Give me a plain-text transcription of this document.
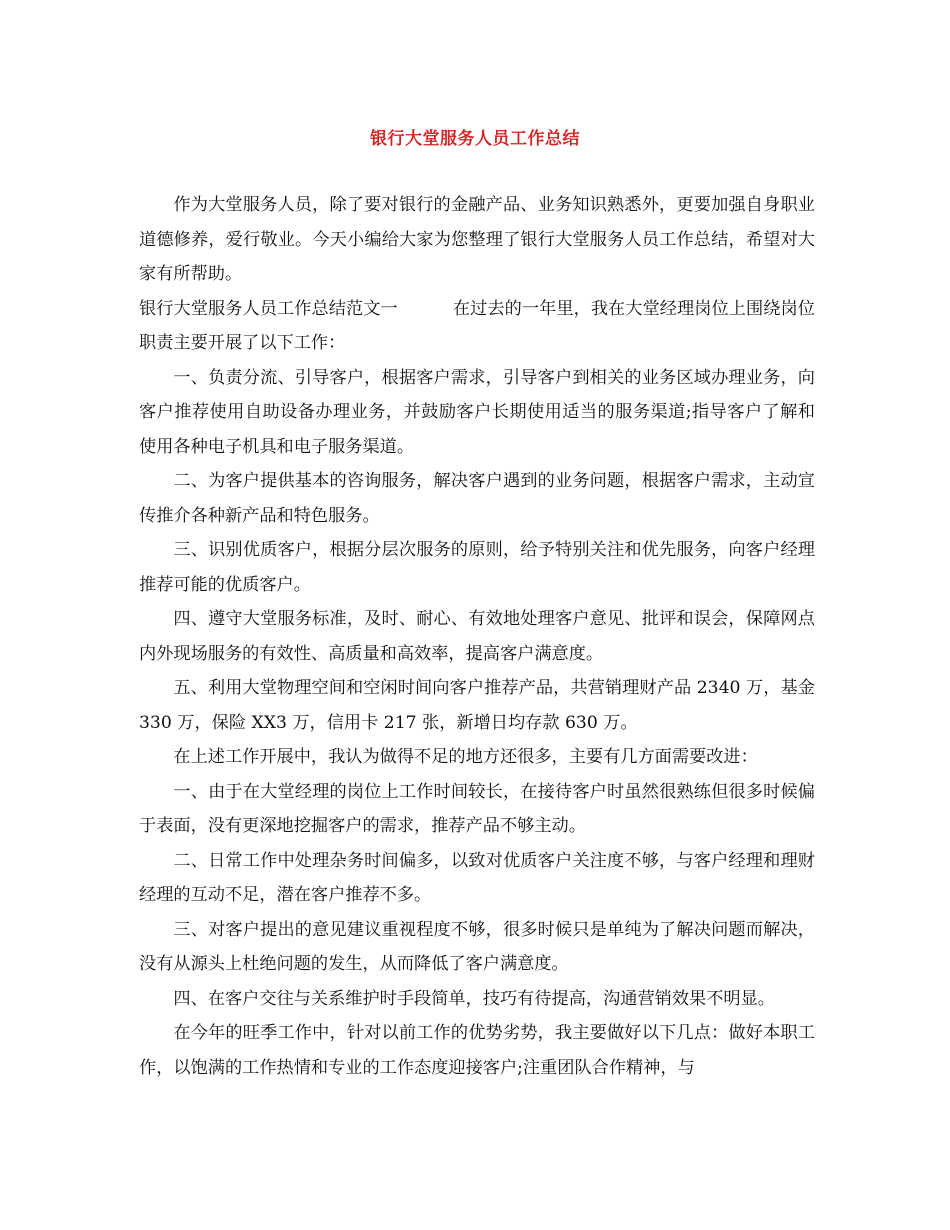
银行大堂服务人员工作总结

作为大堂服务人员，除了要对银行的金融产品、业务知识熟悉外，更要加强自身职业道德修养，爱行敬业。今天小编给大家为您整理了银行大堂服务人员工作总结，希望对大家有所帮助。

银行大堂服务人员工作总结范文一	在过去的一年里，我在大堂经理岗位上围绕岗位职责主要开展了以下工作：

一、负责分流、引导客户，根据客户需求，引导客户到相关的业务区域办理业务，向客户推荐使用自助设备办理业务，并鼓励客户长期使用适当的服务渠道;指导客户了解和使用各种电子机具和电子服务渠道。

二、为客户提供基本的咨询服务，解决客户遇到的业务问题，根据客户需求，主动宣传推介各种新产品和特色服务。

三、识别优质客户，根据分层次服务的原则，给予特别关注和优先服务，向客户经理推荐可能的优质客户。

四、遵守大堂服务标准，及时、耐心、有效地处理客户意见、批评和误会，保障网点内外现场服务的有效性、高质量和高效率，提高客户满意度。

五、利用大堂物理空间和空闲时间向客户推荐产品，共营销理财产品 2340 万，基金 330 万，保险 XX3 万，信用卡 217 张，新增日均存款 630 万。

在上述工作开展中，我认为做得不足的地方还很多，主要有几方面需要改进：

一、由于在大堂经理的岗位上工作时间较长，在接待客户时虽然很熟练但很多时候偏于表面，没有更深地挖掘客户的需求，推荐产品不够主动。

二、日常工作中处理杂务时间偏多，以致对优质客户关注度不够，与客户经理和理财经理的互动不足，潜在客户推荐不多。

三、对客户提出的意见建议重视程度不够，很多时候只是单纯为了解决问题而解决，没有从源头上杜绝问题的发生，从而降低了客户满意度。

四、在客户交往与关系维护时手段简单，技巧有待提高，沟通营销效果不明显。

在今年的旺季工作中，针对以前工作的优势劣势，我主要做好以下几点：做好本职工作，以饱满的工作热情和专业的工作态度迎接客户;注重团队合作精神，与
